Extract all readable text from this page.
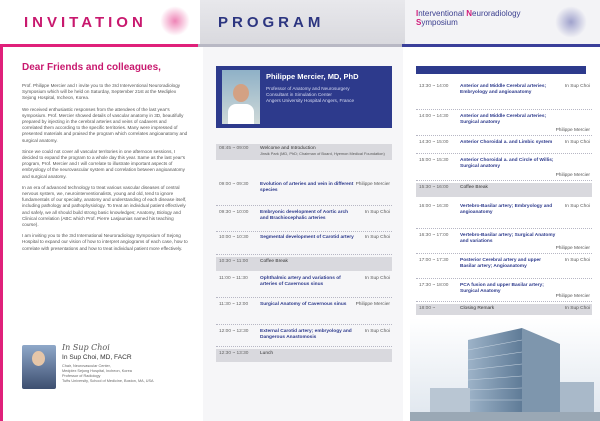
INVITATION	PROGRAM
Interventional Neuroradiology
Symposium
Dear Friends and colleagues,

Prof. Philippe Mercier and I invite you to the 3rd Interventional Neuroradiology Symposium which will be held on Saturday, September 21st at the Mediplex Sejong Hospital, Incheon, Korea.

We received enthusiastic responses from the attendees of the last year's symposium. Prof. Mercier showed details of vascular anatomy in 3D, beautifully prepared by injecting in the cerebral arteries and veins of cadavers and correlated them according to the specific territories. Many were impressed of presented materials and praised the program which correlates angioanatomy and surgical anatomy.

Since we could not cover all vascular territories in one afternoon sessions, I decided to expand the program to a whole day this year. Same as the last year's program, Prof. Mercier and I will correlate to illustrate important aspects of embryology of the neurovascular system and correlation between angioanatomy and surgical anatomy.

In an era of advanced technology to treat various vascular diseases of central nervous system, we, neurointerventionalists, young and old, tend to ignore fundamentals of our specialty, anatomy and understanding of each disease itself, including pathology and pathophysiology. To treat an individual patient effectively and safely, we all should build strong basic knowledges; Anatomy, Biology and Clinical correlation (ABC which Prof. Pierre Lasjaunias named his teaching course).

I am inviting you to the 3rd International Neuroradiology Symposium of Sejong Hospital to expand our vision of how to interpret angiograms of each case, how to correlate with presentations and how to treat individual patient more effectively.

In Sup Choi
In Sup Choi, MD, FACR
Chair, Neurovascular Center,
Medplex Sejong Hospital, Incheon, Korea
Professor of Radiology
Tufts University, School of Medicine, Boston, MA, USA
Philippe Mercier, MD, PhD
Professor of Anatomy and Neurosurgery
Consultant in Simulation Center
Angers University Hospital Angers, France
08:45 ~ 09:00 Welcome and Introduction
Jinsik Park (MD, PhD; Chairman of Board, Hyemon Medical Foundation)
09:00 ~ 09:30 Evolution of arteries and vein in different species
Philippe Mercier
09:30 ~ 10:00 Embryonic development of Aortic arch and Brachiocephalic arteries
In Sup Choi
10:00 ~ 10:30 Segmental development of Carotid artery	In Sup Choi
10:30 ~ 11:00 Coffee Break
11:00 ~ 11:30	Ophthalmic artery and variations of arteries of Cavernous sinus
In Sup Choi
11:30 ~ 12:00 Surgical Anatomy of Cavernous sinus	Philippe Mercier
12:00 ~ 12:30 External Carotid artery; embryology and Dangerous Anastomosis
In Sup Choi
12:30 ~ 13:30 Lunch
13:30 ~ 14:00 Anterior and Middle Cerebral arteries; Embryology and angioanatomy
In Sup Choi
14:00 ~ 14:30 Anterior and Middle Cerebral arteries; Surgical anatomy
Philippe Mercier
14:30 ~ 15:00 Anterior Choroidal a. and Limbic system	In Sup Choi
15:00 ~ 15:30 Anterior Choroidal a. and Circle of Willis; Surgical anatomy
Philippe Mercier
15:30 ~ 16:00 Coffee Break
16:00 ~ 16:30 Vertebro-Basilar artery; Embryology and angioanatomy
In Sup Choi
16:30 ~ 17:00 Vertebro-Basilar artery; Surgical Anatomy and variations
Philippe Mercier
17:00 ~ 17:30 Posterior Cerebral artery and upper Basilar artery; Angioanatomy
In Sup Choi
17:30 ~ 18:00 PCA fusion and upper Basilar artery; Surgical Anatomy
Philippe Mercier
18:00 ~	Closing Remark	In Sup Choi
